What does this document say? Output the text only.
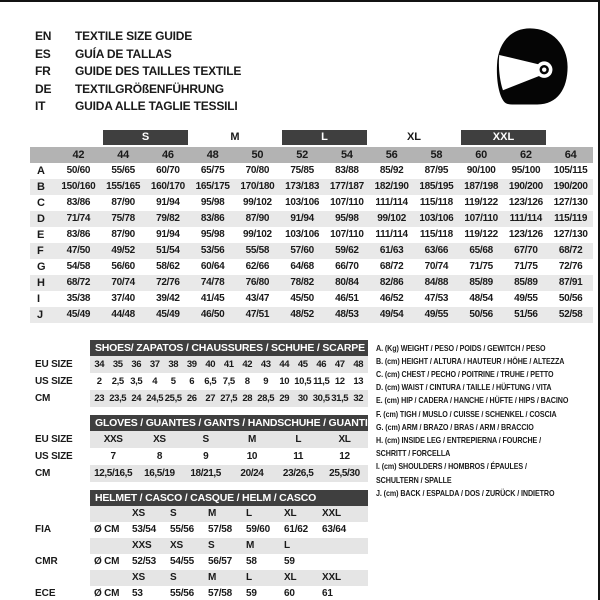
EN	TEXTILE SIZE GUIDE
ES	GUÍA DE TALLAS
FR	GUIDE DES TAILLES TEXTILE
DE	TEXTILGRÖßENFÜHRUNG
IT	GUIDA ALLE TAGLIE TESSILI
S	M	L	XL	XXL
42	44	46	48	50	52	54	56	58	60	62	64
A	50/60	55/65	60/70	65/75	70/80	75/85	83/88	85/92	87/95	90/100	95/100	105/115
B	150/160	155/165	160/170	165/175	170/180	173/183	177/187	182/190	185/195	187/198	190/200	190/200
C	83/86	87/90	91/94	95/98	99/102	103/106	107/110	111/114	115/118	119/122	123/126	127/130
D	71/74	75/78	79/82	83/86	87/90	91/94	95/98	99/102	103/106	107/110	111/114	115/119
E	83/86	87/90	91/94	95/98	99/102	103/106	107/110	111/114	115/118	119/122	123/126	127/130
F	47/50	49/52	51/54	53/56	55/58	57/60	59/62	61/63	63/66	65/68	67/70	68/72
G	54/58	56/60	58/62	60/64	62/66	64/68	66/70	68/72	70/74	71/75	71/75	72/76
H	68/72	70/74	72/76	74/78	76/80	78/82	80/84	82/86	84/88	85/89	85/89	87/91
I	35/38	37/40	39/42	41/45	43/47	45/50	46/51	46/52	47/53	48/54	49/55	50/56
J	45/49	44/48	45/49	46/50	47/51	48/52	48/53	49/54	49/55	50/56	51/56	52/58
SHOES/ ZAPATOS / CHAUSSURES / SCHUHE / SCARPE
EU SIZE	34 35 36 37 38 39 40 41 42 43 44 45 46 47 48
US SIZE	2	2,5 3,5	4	5	6	6,5 7,5	8	9	10 10,5 11,5 12 13
CM	23 23,5 24 24,5 25,5 26 27 27,5 28 28,5 29 30 30,5 31,5 32
GLOVES / GUANTES / GANTS / HANDSCHUHE / GUANTI
EU SIZE	XXS	XS	S	M	L	XL
US SIZE	7	8	9	10	11	12
CM	12,5/16,5	16,5/19	18/21,5	20/24	23/26,5	25,5/30
HELMET / CASCO / CASQUE / HELM / CASCO
XS	S	M	L	XL	XXL
FIA	Ø CM	53/54	55/56	57/58	59/60	61/62	63/64
XXS	XS	S	M	L
CMR	Ø CM	52/53	54/55	56/57	58	59
XS	S	M	L	XL	XXL
ECE	Ø CM	53	55/56	57/58	59	60	61
A. (Kg) WEIGHT / PESO / POIDS / GEWITCH / PESO
B. (cm) HEIGHT / ALTURA / HAUTEUR / HÖHE / ALTEZZA
C. (cm) CHEST / PECHO / POITRINE / TRUHE / PETTO
D. (cm) WAIST / CINTURA / TAILLE / HÜFTUNG / VITA
E. (cm) HIP / CADERA / HANCHE / HÜFTE / HIPS / BACINO
F. (cm) TIGH / MUSLO / CUISSE / SCHENKEL / COSCIA
G. (cm) ARM / BRAZO / BRAS / ARM / BRACCIO
H. (cm) INSIDE LEG / ENTREPIERNA / FOURCHE /
SCHRITT / FORCELLA
I. (cm) SHOULDERS / HOMBROS / ÉPAULES /
SCHULTERN / SPALLE
J. (cm) BACK / ESPALDA / DOS / ZURÜCK / INDIETRO
